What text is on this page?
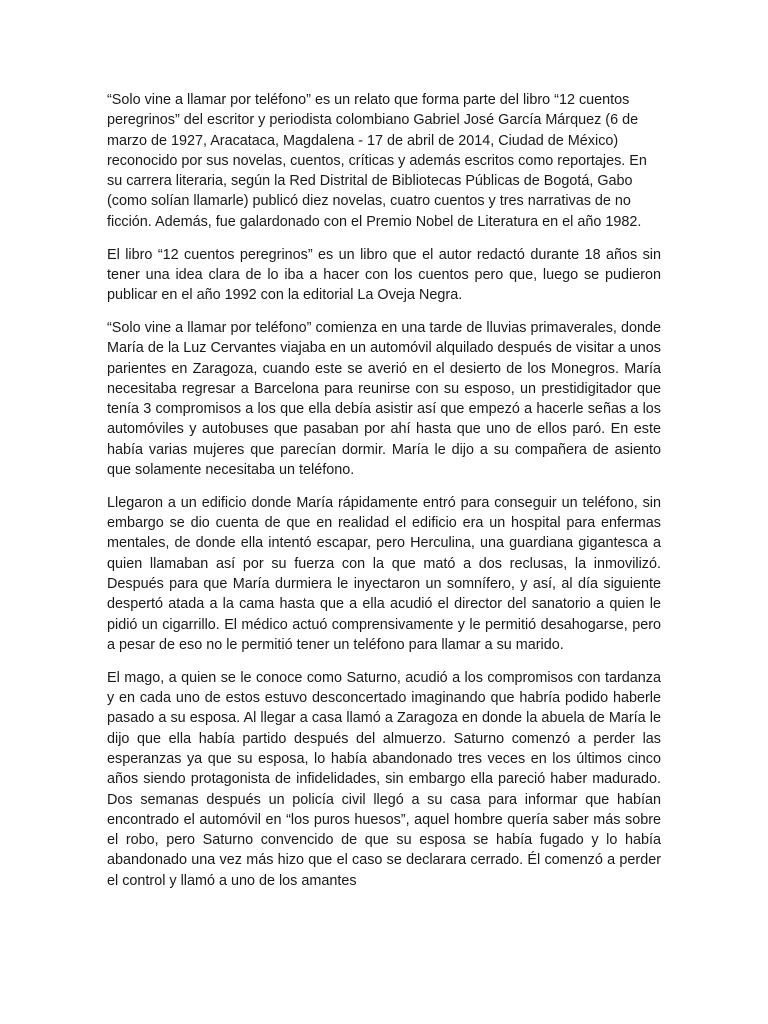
“Solo vine a llamar por teléfono” es un relato que forma parte del libro “12 cuentos peregrinos” del escritor y periodista colombiano Gabriel José García Márquez (6 de marzo de 1927, Aracataca, Magdalena - 17 de abril de 2014, Ciudad de México) reconocido por sus novelas, cuentos, críticas y además escritos como reportajes. En su carrera literaria, según la Red Distrital de Bibliotecas Públicas de Bogotá, Gabo (como solían llamarle) publicó diez novelas, cuatro cuentos y tres narrativas de no ficción. Además, fue galardonado con el Premio Nobel de Literatura en el año 1982.

El libro “12 cuentos peregrinos” es un libro que el autor redactó durante 18 años sin tener una idea clara de lo iba a hacer con los cuentos pero que, luego se pudieron publicar en el año 1992 con la editorial La Oveja Negra.

“Solo vine a llamar por teléfono” comienza en una tarde de lluvias primaverales, donde María de la Luz Cervantes viajaba en un automóvil alquilado después de visitar a unos parientes en Zaragoza, cuando este se averió en el desierto de los Monegros. María necesitaba regresar a Barcelona para reunirse con su esposo, un prestidigitador que tenía 3 compromisos a los que ella debía asistir así que empezó a hacerle señas a los automóviles y autobuses que pasaban por ahí hasta que uno de ellos paró. En este había varias mujeres que parecían dormir. María le dijo a su compañera de asiento que solamente necesitaba un teléfono.

Llegaron a un edificio donde María rápidamente entró para conseguir un teléfono, sin embargo se dio cuenta de que en realidad el edificio era un hospital para enfermas mentales, de donde ella intentó escapar, pero Herculina, una guardiana gigantesca a quien llamaban así por su fuerza con la que mató a dos reclusas, la inmovilizó. Después para que María durmiera le inyectaron un somnífero, y así, al día siguiente despertó atada a la cama hasta que a ella acudió el director del sanatorio a quien le pidió un cigarrillo. El médico actuó comprensivamente y le permitió desahogarse, pero a pesar de eso no le permitió tener un teléfono para llamar a su marido.

El mago, a quien se le conoce como Saturno, acudió a los compromisos con tardanza y en cada uno de estos estuvo desconcertado imaginando que habría podido haberle pasado a su esposa. Al llegar a casa llamó a Zaragoza en donde la abuela de María le dijo que ella había partido después del almuerzo. Saturno comenzó a perder las esperanzas ya que su esposa, lo había abandonado tres veces en los últimos cinco años siendo protagonista de infidelidades, sin embargo ella pareció haber madurado. Dos semanas después un policía civil llegó a su casa para informar que habían encontrado el automóvil en “los puros huesos”, aquel hombre quería saber más sobre el robo, pero Saturno convencido de que su esposa se había fugado y lo había abandonado una vez más hizo que el caso se declarara cerrado. Él comenzó a perder el control y llamó a uno de los amantes
